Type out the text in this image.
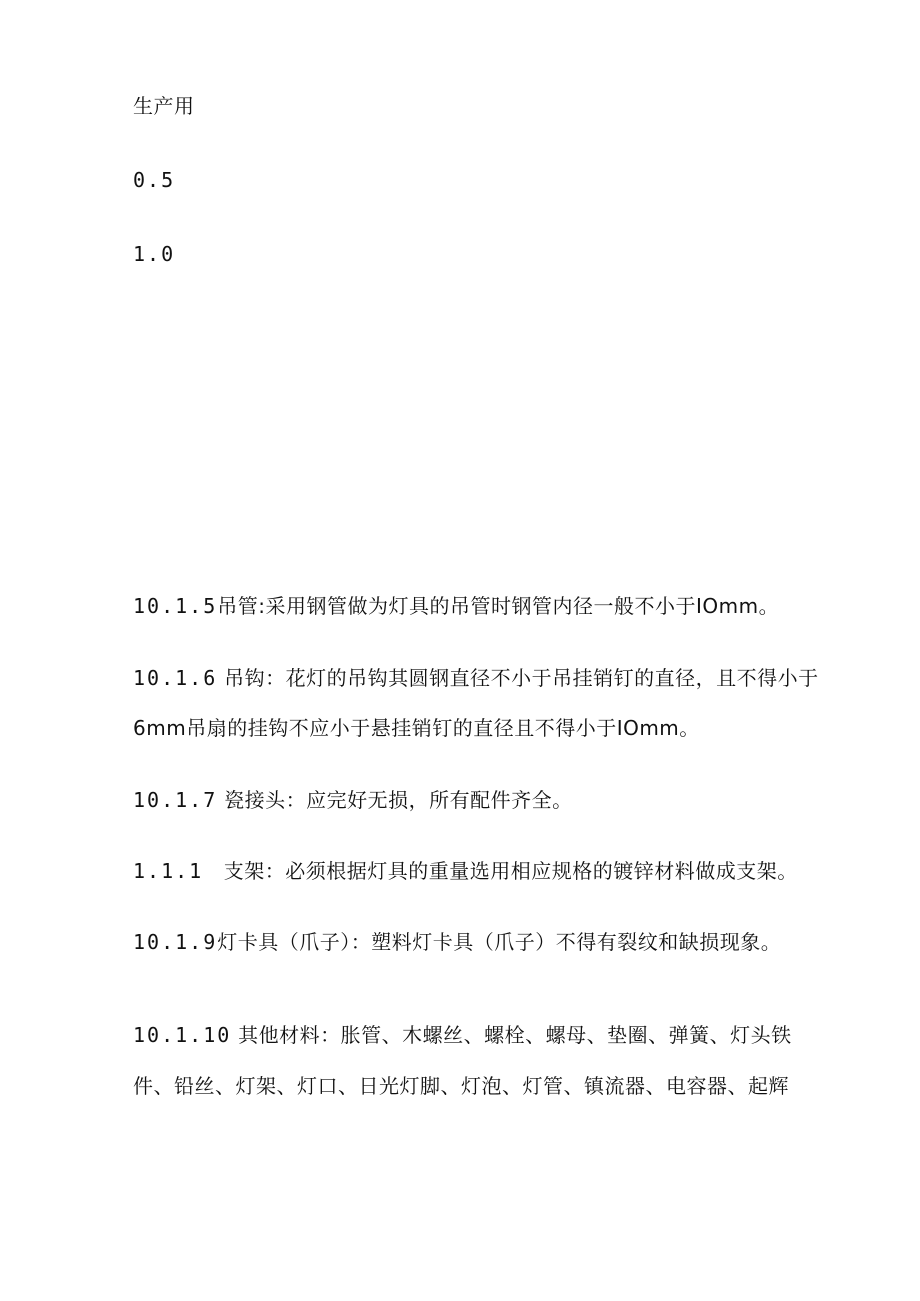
生产用
0.5
1.0
10.1.5吊管:采用钢管做为灯具的吊管时钢管内径一般不小于IOmm。
10.1.6 吊钩：花灯的吊钩其圆钢直径不小于吊挂销钉的直径，且不得小于
6mm吊扇的挂钩不应小于悬挂销钉的直径且不得小于IOmm。
10.1.7 瓷接头：应完好无损，所有配件齐全。
1.1.1 支架：必须根据灯具的重量选用相应规格的镀锌材料做成支架。
10.1.9灯卡具（爪子）：塑料灯卡具（爪子）不得有裂纹和缺损现象。
10.1.10 其他材料：胀管、木螺丝、螺栓、螺母、垫圈、弹簧、灯头铁
件、铅丝、灯架、灯口、日光灯脚、灯泡、灯管、镇流器、电容器、起辉
